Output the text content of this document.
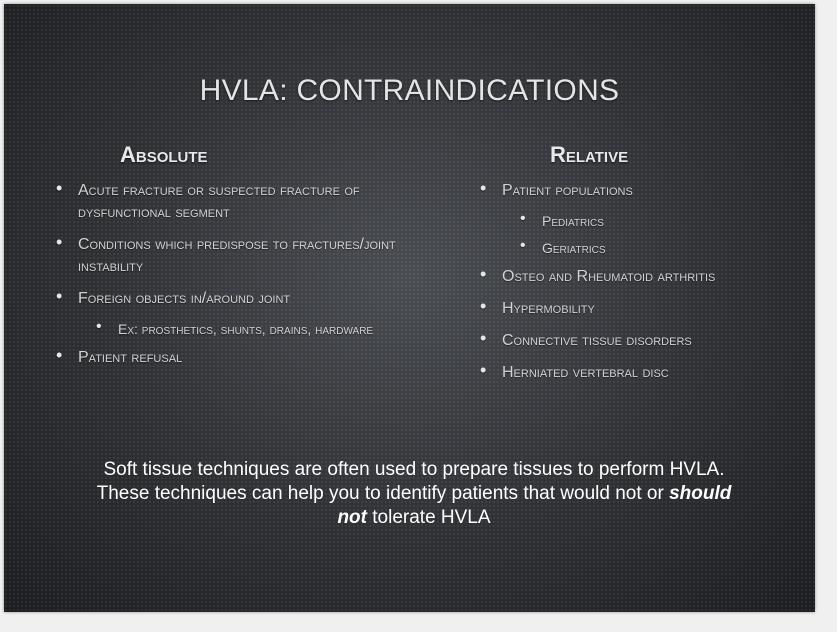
HVLA: CONTRAINDICATIONS
Absolute
• Acute fracture or suspected fracture of dysfunctional segment
• Conditions which predispose to fractures/joint instability
• Foreign objects in/around joint
• Ex: prosthetics, shunts, drains, hardware
• Patient refusal
Relative
• Patient populations
• Pediatrics
• Geriatrics
• Osteo and Rheumatoid arthritis
• Hypermobility
• Connective tissue disorders
• Herniated vertebral disc
Soft tissue techniques are often used to prepare tissues to perform HVLA.
These techniques can help you to identify patients that would not or should not tolerate HVLA
